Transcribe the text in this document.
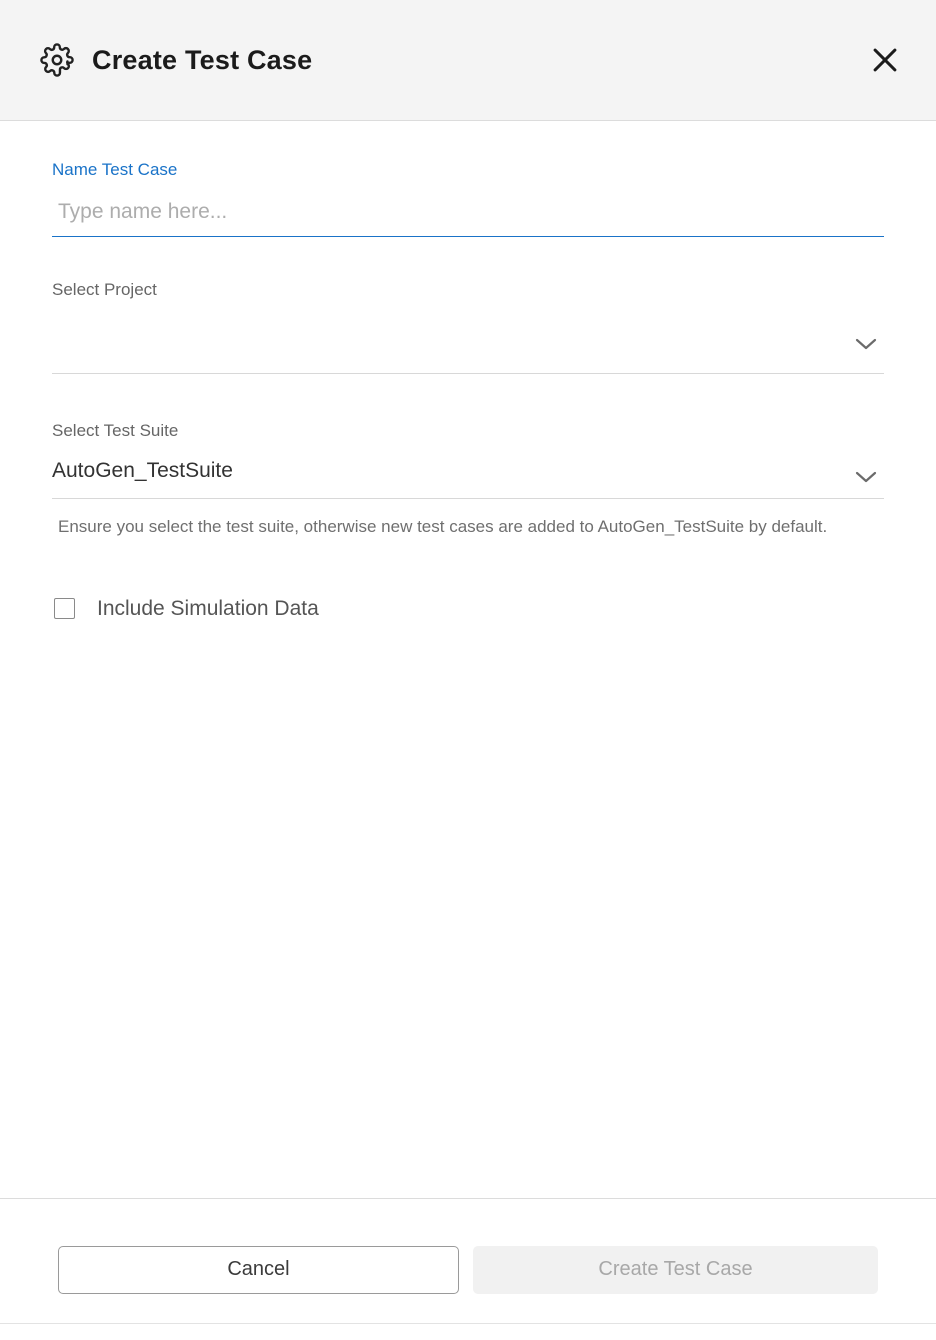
Create Test Case
Name Test Case
Type name here...
Select Project
Select Test Suite
AutoGen_TestSuite
Ensure you select the test suite, otherwise new test cases are added to AutoGen_TestSuite by default.
Include Simulation Data
Cancel	Create Test Case
